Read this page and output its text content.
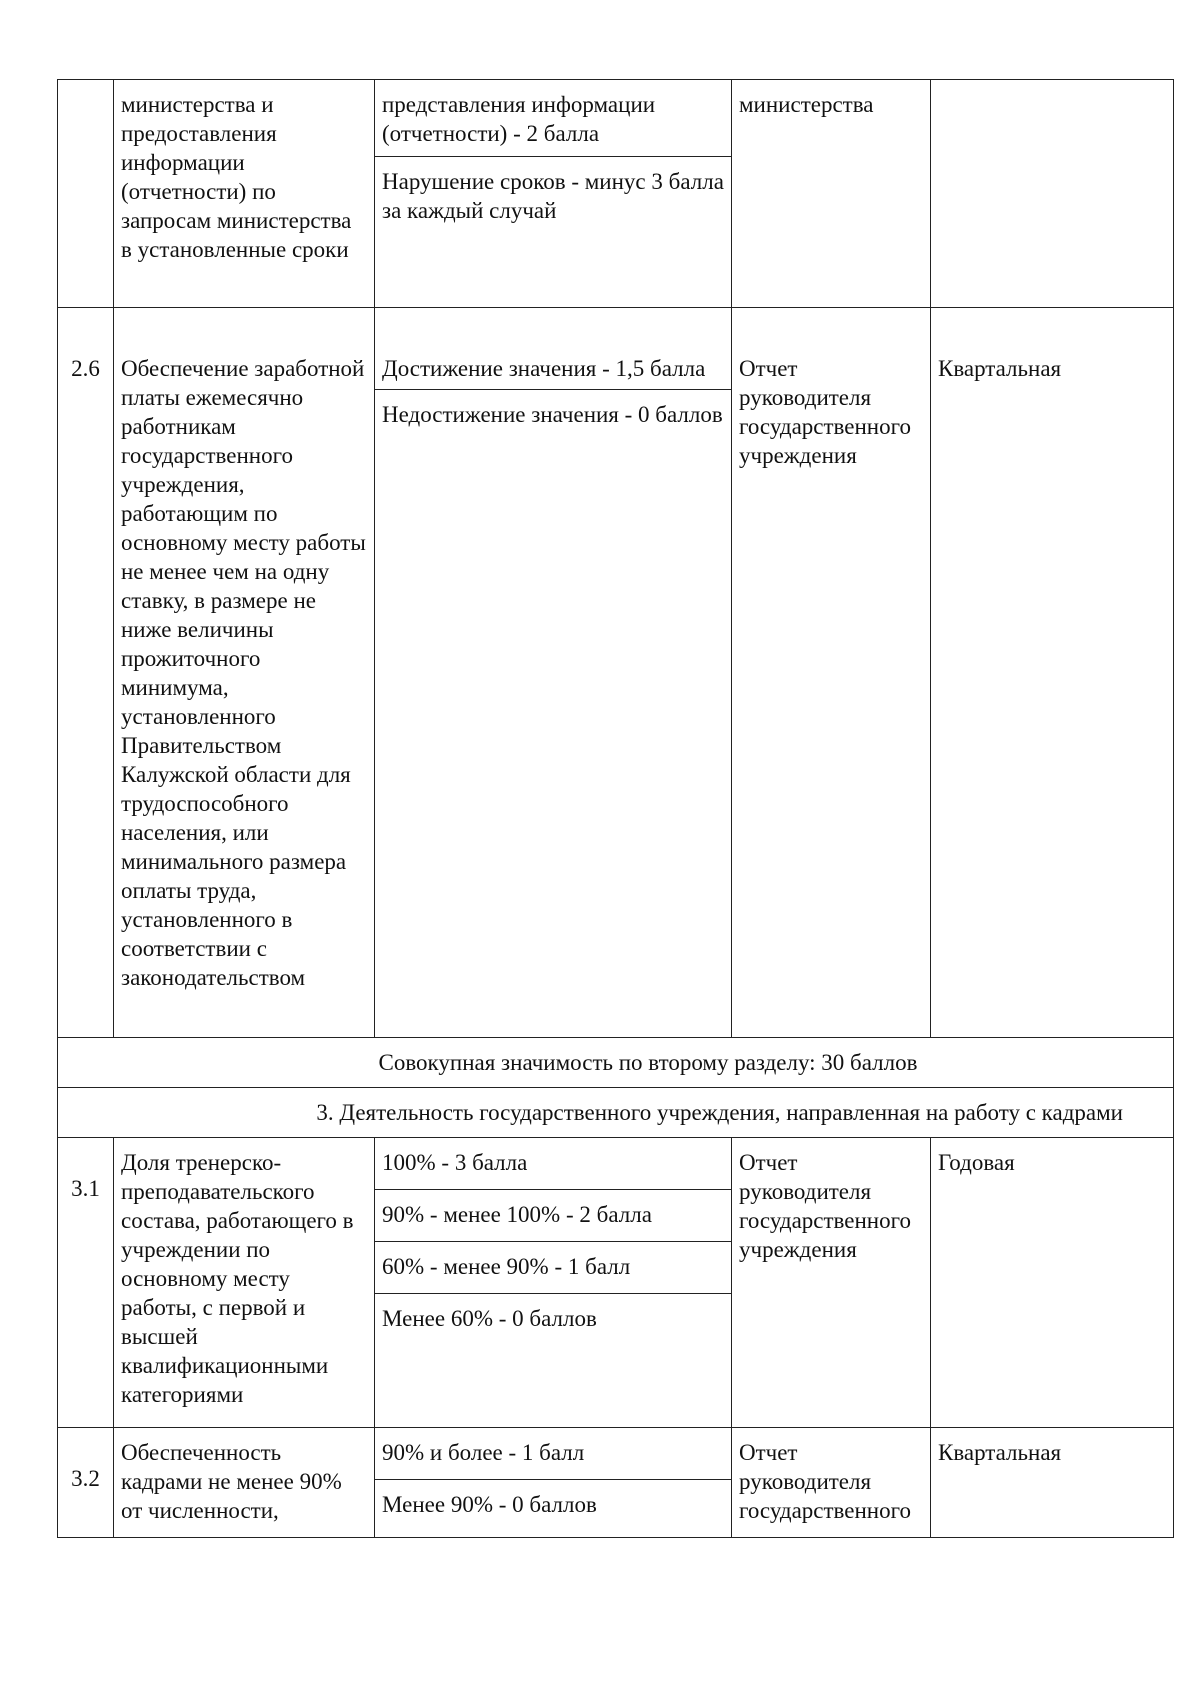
	министерства и предоставления информации (отчетности) по запросам министерства в установленные сроки	представления информации (отчетности) - 2 балла	министерства	
		Нарушение сроков - минус 3 балла за каждый случай		
2.6	Обеспечение заработной платы ежемесячно работникам государственного учреждения, работающим по основному месту работы не менее чем на одну ставку, в размере не ниже величины прожиточного минимума, установленного Правительством Калужской области для трудоспособного населения, или минимального размера оплаты труда, установленного в соответствии с законодательством	Достижение значения - 1,5 балла	Отчет руководителя государственного учреждения	Квартальная
		Недостижение значения - 0 баллов		
Совокупная значимость по второму разделу: 30 баллов				
3. Деятельность государственного учреждения, направленная на работу с кадрами				
3.1	Доля тренерско-преподавательского состава, работающего в учреждении по основному месту работы, с первой и высшей квалификационными категориями	100% - 3 балла	Отчет руководителя государственного учреждения	Годовая
		90% - менее 100% - 2 балла		
		60% - менее 90% - 1 балл		
		Менее 60% - 0 баллов		
3.2	Обеспеченность кадрами не менее 90% от численности,	90% и более - 1 балл	Отчет руководителя государственного	Квартальная
		Менее 90% - 0 баллов		
